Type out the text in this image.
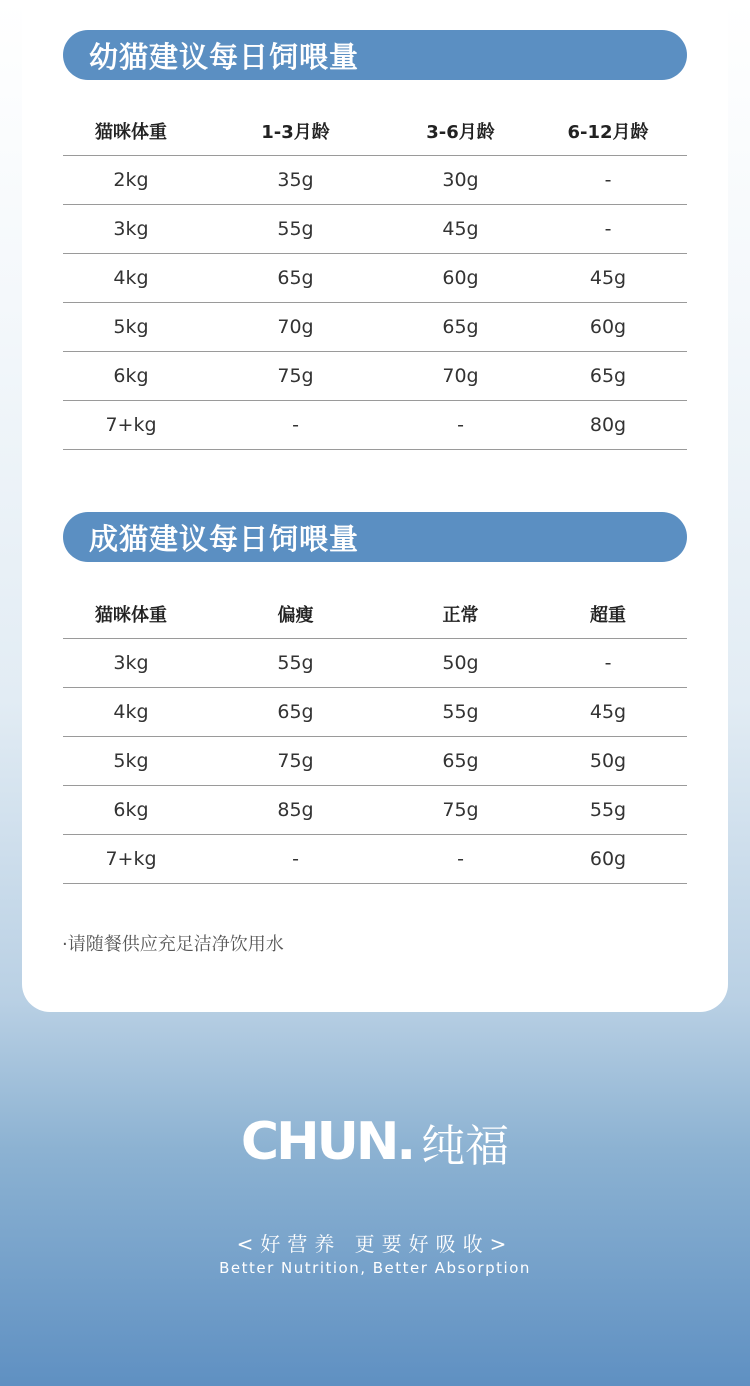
幼猫建议每日饲喂量
猫咪体重	1-3月龄	3-6月龄	6-12月龄
2kg	35g	30g	-
3kg	55g	45g	-
4kg	65g	60g	45g
5kg	70g	65g	60g
6kg	75g	70g	65g
7+kg	-	-	80g
成猫建议每日饲喂量
猫咪体重	偏瘦	正常	超重
3kg	55g	50g	-
4kg	65g	55g	45g
5kg	75g	65g	50g
6kg	85g	75g	55g
7+kg	-	-	60g
·请随餐供应充足洁净饮用水
CHUN. 纯福
<好营养 更要好吸收>
Better Nutrition, Better Absorption
